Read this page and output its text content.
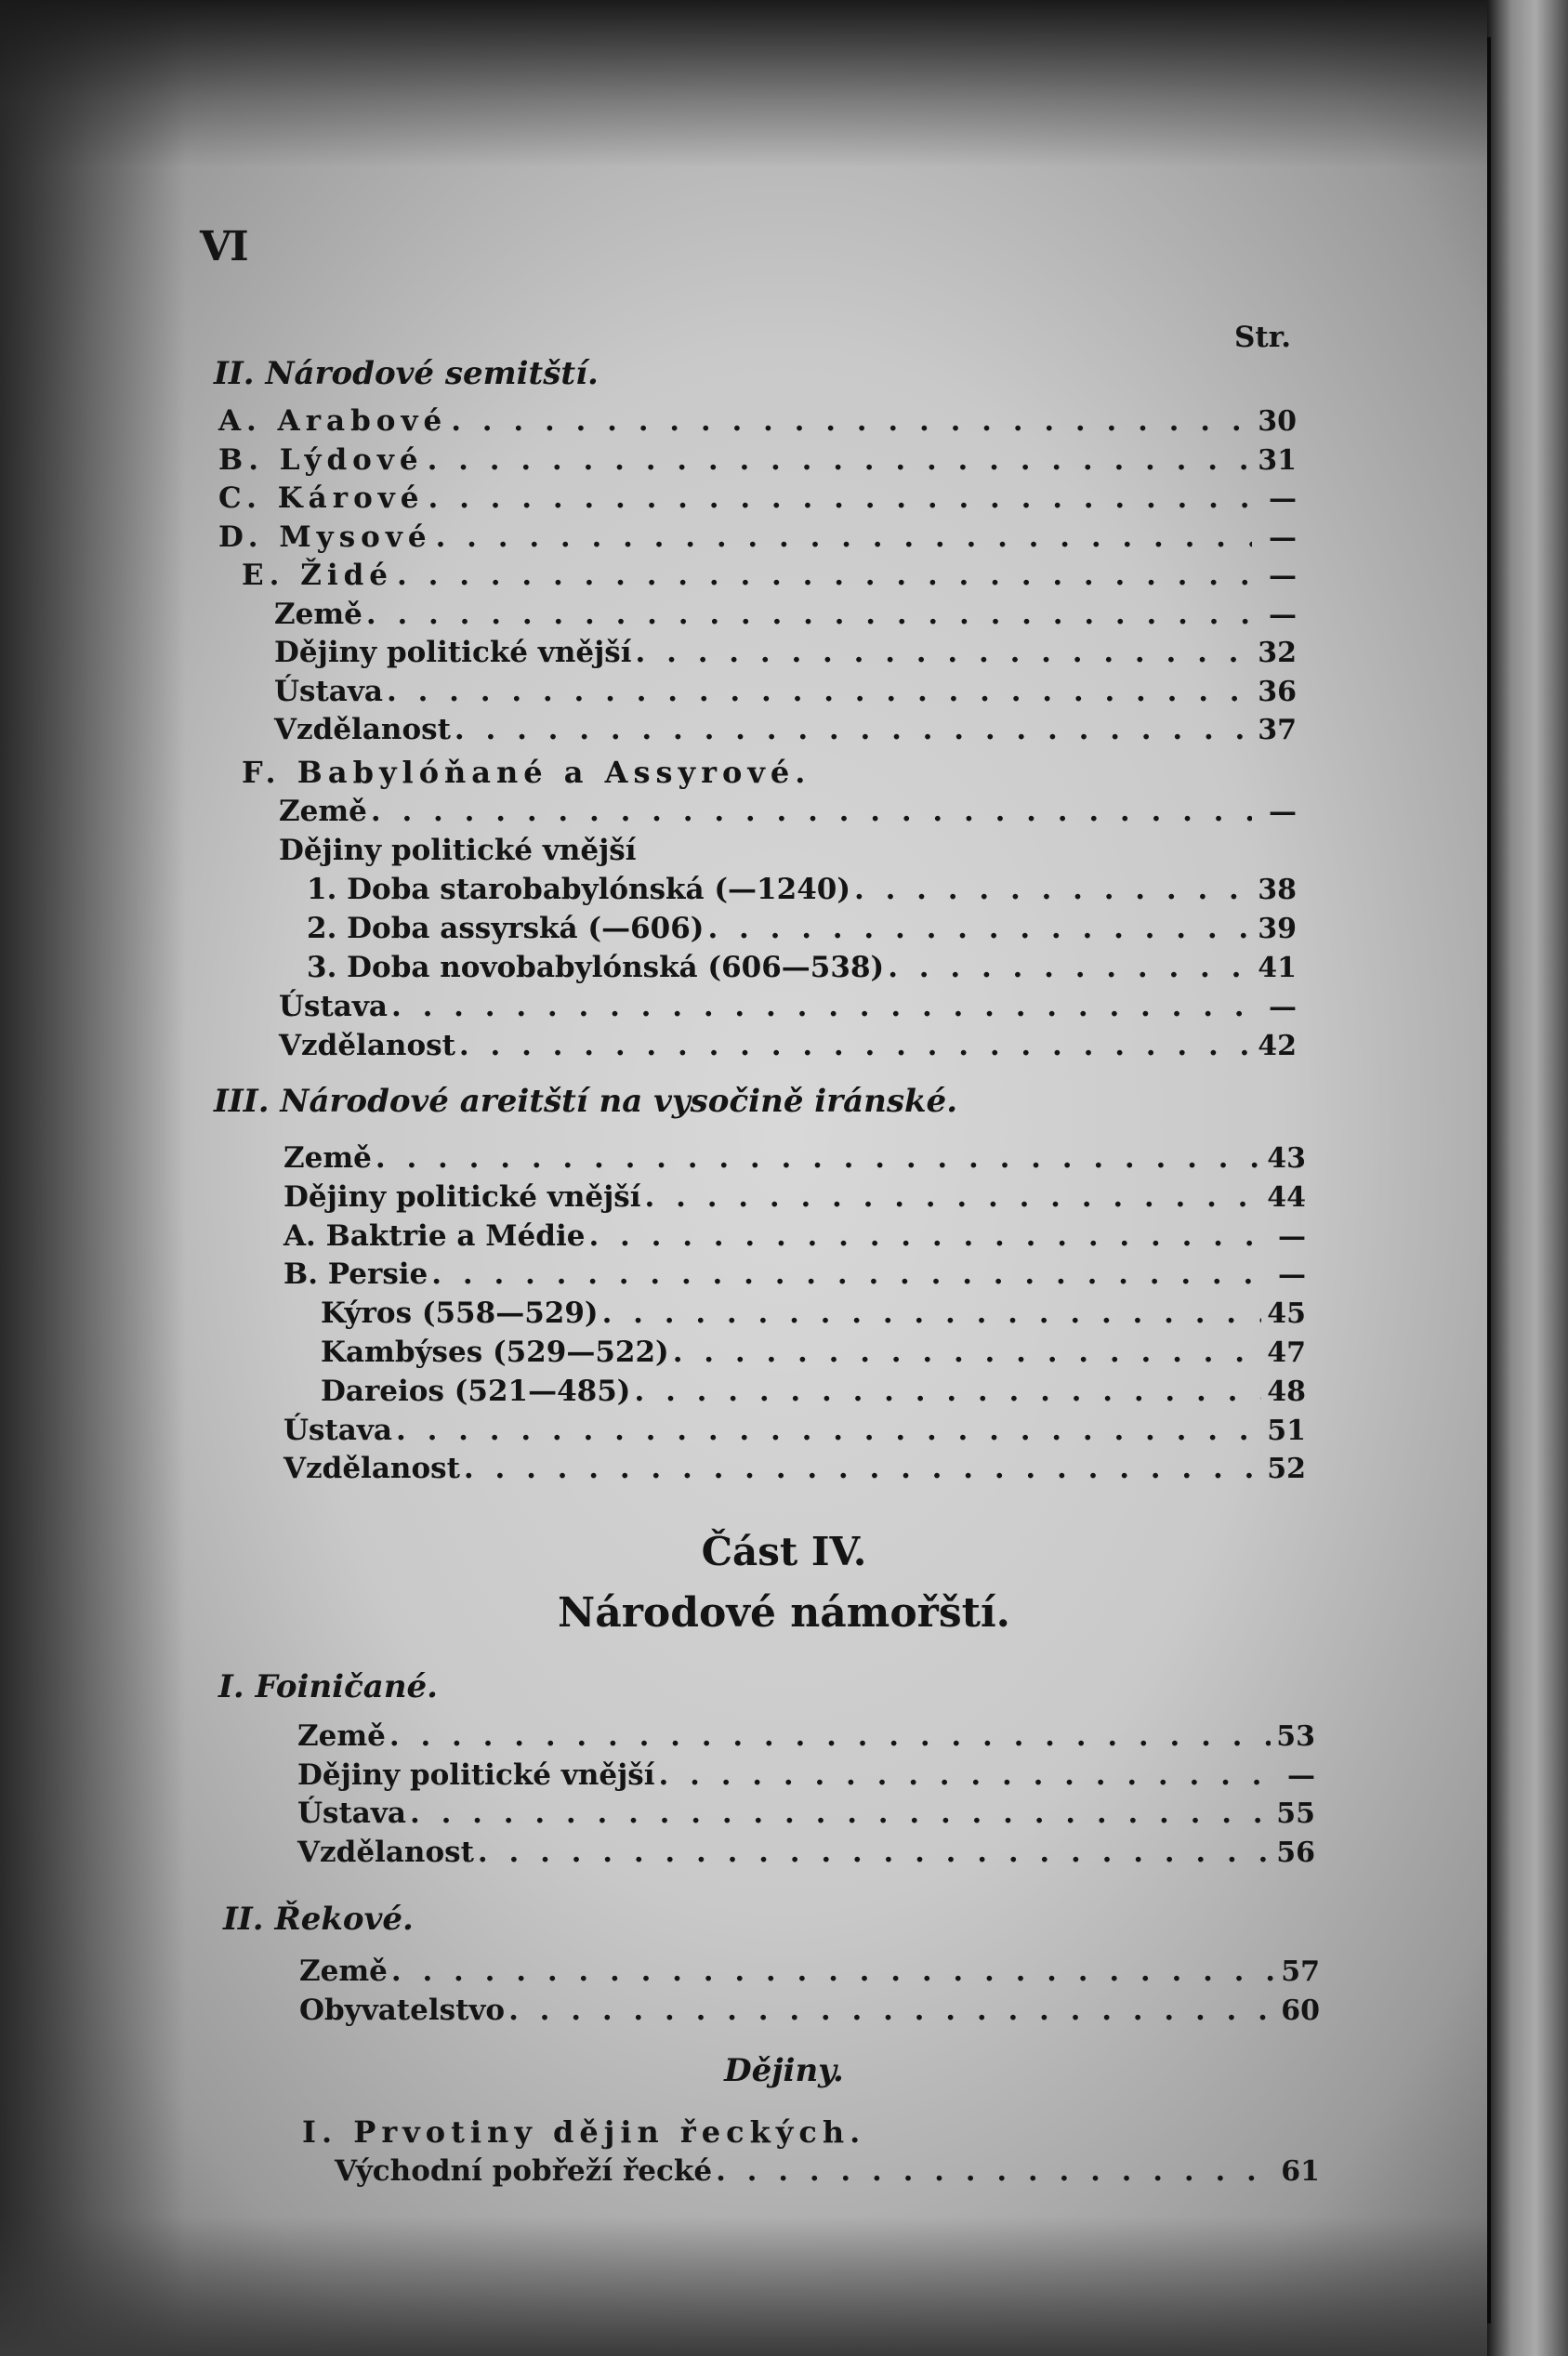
VI
Str.
II. Národové semitští.
A. Arabové . . .	30
B. Lýdové . . .	31
C. Kárové . . .	—
D. Mysové . . .	—
E. Židé . . .	—
Země . . .	—
Dějiny politické vnější . . .	32
Ústava . . .	36
Vzdělanost . . .	37
F. Babylóňané a Assyrové.
Země . . .	—
Dějiny politické vnější
1. Doba starobabylónská (—1240) . . .	38
2. Doba assyrská (—606) . . .	39
3. Doba novobabylónská (606—538) . . .	41
Ústava . . .	—
Vzdělanost . . .	42
III. Národové areitští na vysočině iránské.
Země . . .	43
Dějiny politické vnější . . .	44
A. Baktrie a Médie . . .	—
B. Persie . . .	—
Kýros (558—529) . . .	45
Kambýses (529—522) . . .	47
Dareios (521—485) . . .	48
Ústava . . .	51
Vzdělanost . . .	52
Část IV.
Národové námořští.
I. Foiničané.
Země . . .	53
Dějiny politické vnější . . .	—
Ústava . . .	55
Vzdělanost . . .	56
II. Řekové.
Země . . .	57
Obyvatelstvo . . .	60
Dějiny.
I. Prvotiny dějin řeckých.
Východní pobřeží řecké . . .	61
